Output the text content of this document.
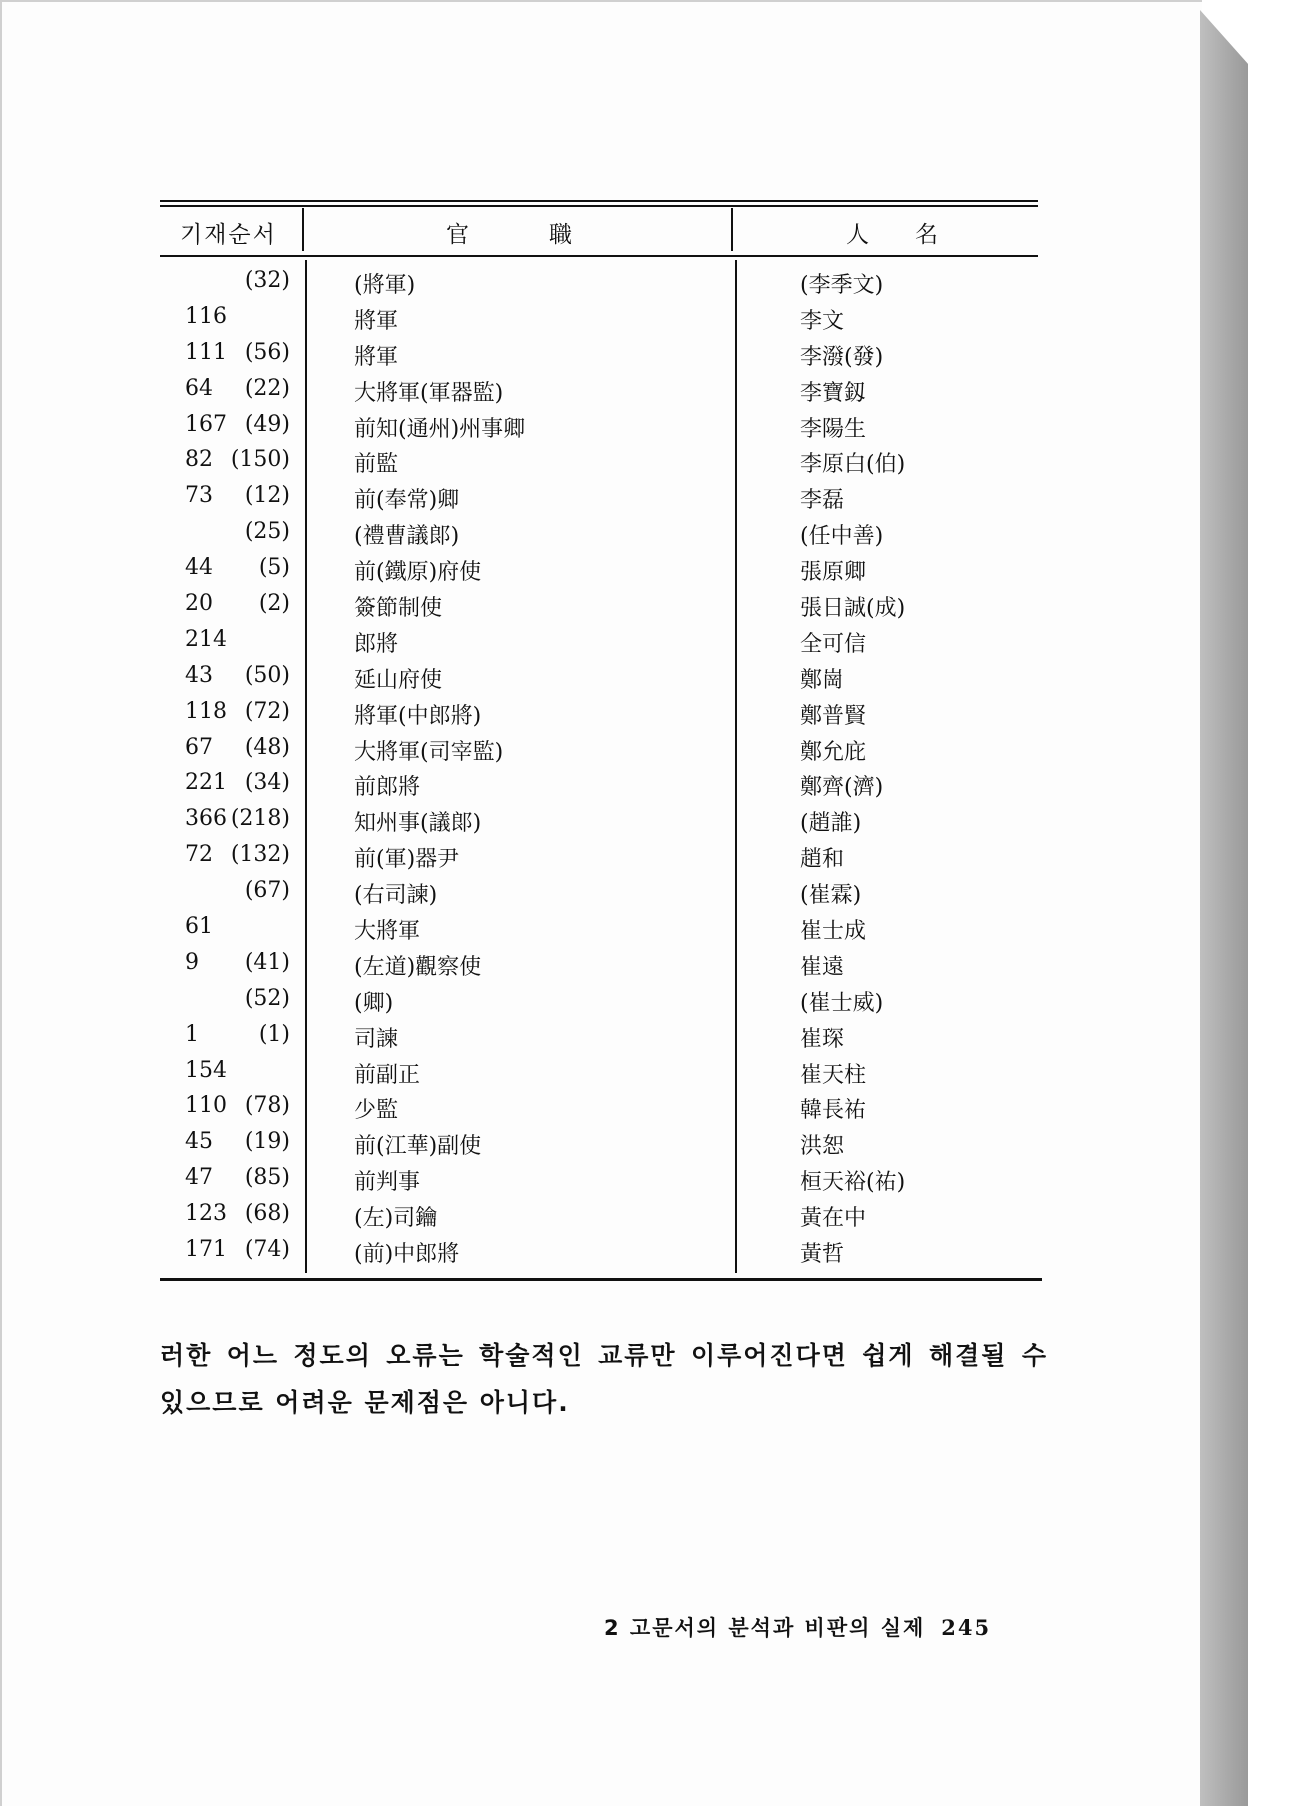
기재순서	官	職	人 名
(32)	(將軍)	(李季文)
116	將軍	李文
111 (56)	將軍	李潑(發)
64	(22)	大將軍(軍器監)	李寶釼
167 (49)	前知(通州)州事卿	李陽生
82 (150)	前監	李原白(伯)
73	(12)	前(奉常)卿	李磊
(25)	(禮曹議郞)	(任中善)
44	(5)	前(鐵原)府使	張原卿
20	(2)	簽節制使	張日誠(成)
214	郎將	全可信
43	(50)	延山府使	鄭崗
118 (72)	將軍(中郎將)	鄭普賢
67	(48)	大將軍(司宰監)	鄭允庇
221 (34)	前郎將	鄭齊(濟)
366 (218)	知州事(議郞)	(趙誰)
72 (132)	前(軍)器尹	趙和
(67)	(右司諫)	(崔霖)
61	大將軍	崔士成
9	(41)	(左道)觀察使	崔遠
(52)	(卿)	(崔士威)
1	(1)	司諫	崔琛
154	前副正	崔天柱
110 (78)	少監	韓長祐
45	(19)	前(江華)副使	洪恕
47	(85)	前判事	桓天裕(祐)
123 (68)	(左)司鑰	黃在中
171 (74)	(前)中郎將	黃哲
러한 어느 정도의 오류는 학술적인 교류만 이루어진다면 쉽게 해결될 수 있으므로 어려운 문제점은 아니다.
2 고문서의 분석과 비판의 실제 245
